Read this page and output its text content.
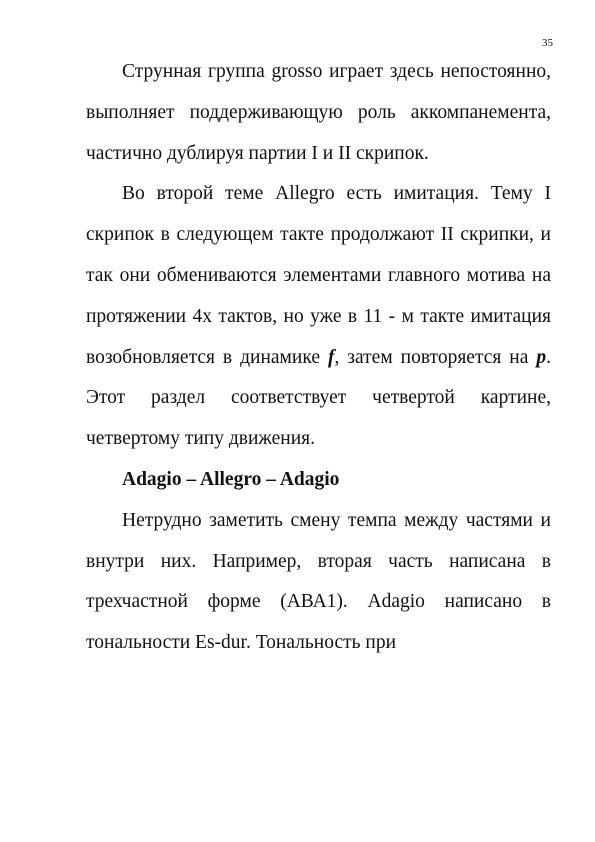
35

Струнная группа grosso играет здесь непостоянно, выполняет поддерживающую роль аккомпанемента, частично дублируя партии I и II скрипок.

Во второй теме Allegro есть имитация. Тему I скрипок в следующем такте продолжают II скрипки, и так они обмениваются элементами главного мотива на протяжении 4х тактов, но уже в 11 - м такте имитация возобновляется в динамике f, затем повторяется на p. Этот раздел соответствует четвертой картине, четвертому типу движения.

Adagio – Allegro – Adagio

Нетрудно заметить смену темпа между частями и внутри них. Например, вторая часть написана в трехчастной форме (АВА1). Adagio написано в тональности Es-dur. Тональность при
